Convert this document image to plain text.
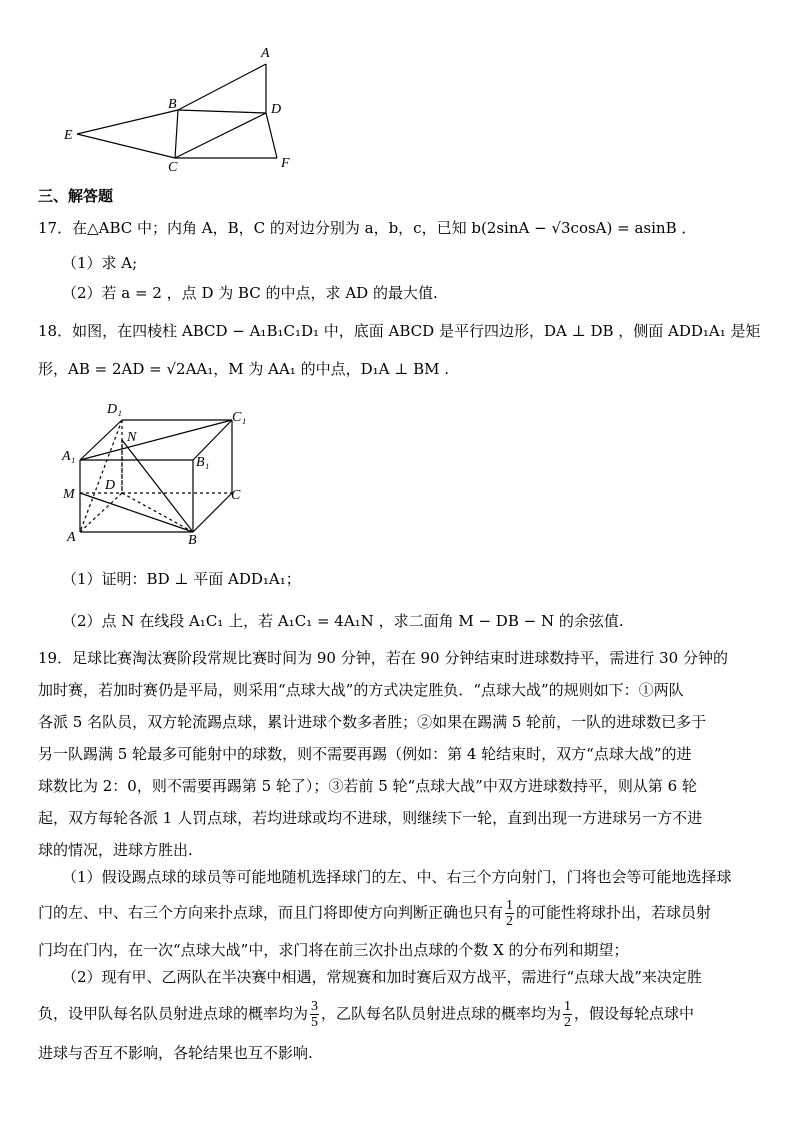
A
B	D
E
C	F
三、解答题
17．在△ABC 中；内角 A，B，C 的对边分别为 a，b，c，已知 b(2sinA − √3cosA) = asinB ．
（1）求 A;
（2）若 a = 2 ，点 D 为 BC 的中点，求 AD 的最大值.
18．如图，在四棱柱 ABCD − A₁B₁C₁D₁ 中，底面 ABCD 是平行四边形，DA ⊥ DB ，侧面 ADD₁A₁ 是矩
形，AB = 2AD = √2AA₁，M 为 AA₁ 的中点，D₁A ⊥ BM .
D₁
C₁
N
A₁	B₁
M
D
C
A	B
（1）证明：BD ⊥ 平面 ADD₁A₁；
（2）点 N 在线段 A₁C₁ 上，若 A₁C₁ = 4A₁N ，求二面角 M − DB − N 的余弦值.
19．足球比赛淘汰赛阶段常规比赛时间为 90 分钟，若在 90 分钟结束时进球数持平，需进行 30 分钟的
加时赛，若加时赛仍是平局，则采用“点球大战”的方式决定胜负．“点球大战”的规则如下：①两队
各派 5 名队员，双方轮流踢点球，累计进球个数多者胜；②如果在踢满 5 轮前，一队的进球数已多于
另一队踢满 5 轮最多可能射中的球数，则不需要再踢（例如：第 4 轮结束时，双方“点球大战”的进
球数比为 2：0，则不需要再踢第 5 轮了）；③若前 5 轮“点球大战”中双方进球数持平，则从第 6 轮
起，双方每轮各派 1 人罚点球，若均进球或均不进球，则继续下一轮，直到出现一方进球另一方不进
球的情况，进球方胜出.
（1）假设踢点球的球员等可能地随机选择球门的左、中、右三个方向射门，门将也会等可能地选择球
门的左、中、右三个方向来扑点球，而且门将即使方向判断正确也只有 $\frac{1}{2}$ 的可能性将球扑出，若球员射
门均在门内，在一次“点球大战”中，求门将在前三次扑出点球的个数 X 的分布列和期望；
（2）现有甲、乙两队在半决赛中相遇，常规赛和加时赛后双方战平，需进行“点球大战”来决定胜
负，设甲队每名队员射进点球的概率均为 $\frac{3}{5}$ ，乙队每名队员射进点球的概率均为 $\frac{1}{2}$ ，假设每轮点球中
进球与否互不影响，各轮结果也互不影响.
